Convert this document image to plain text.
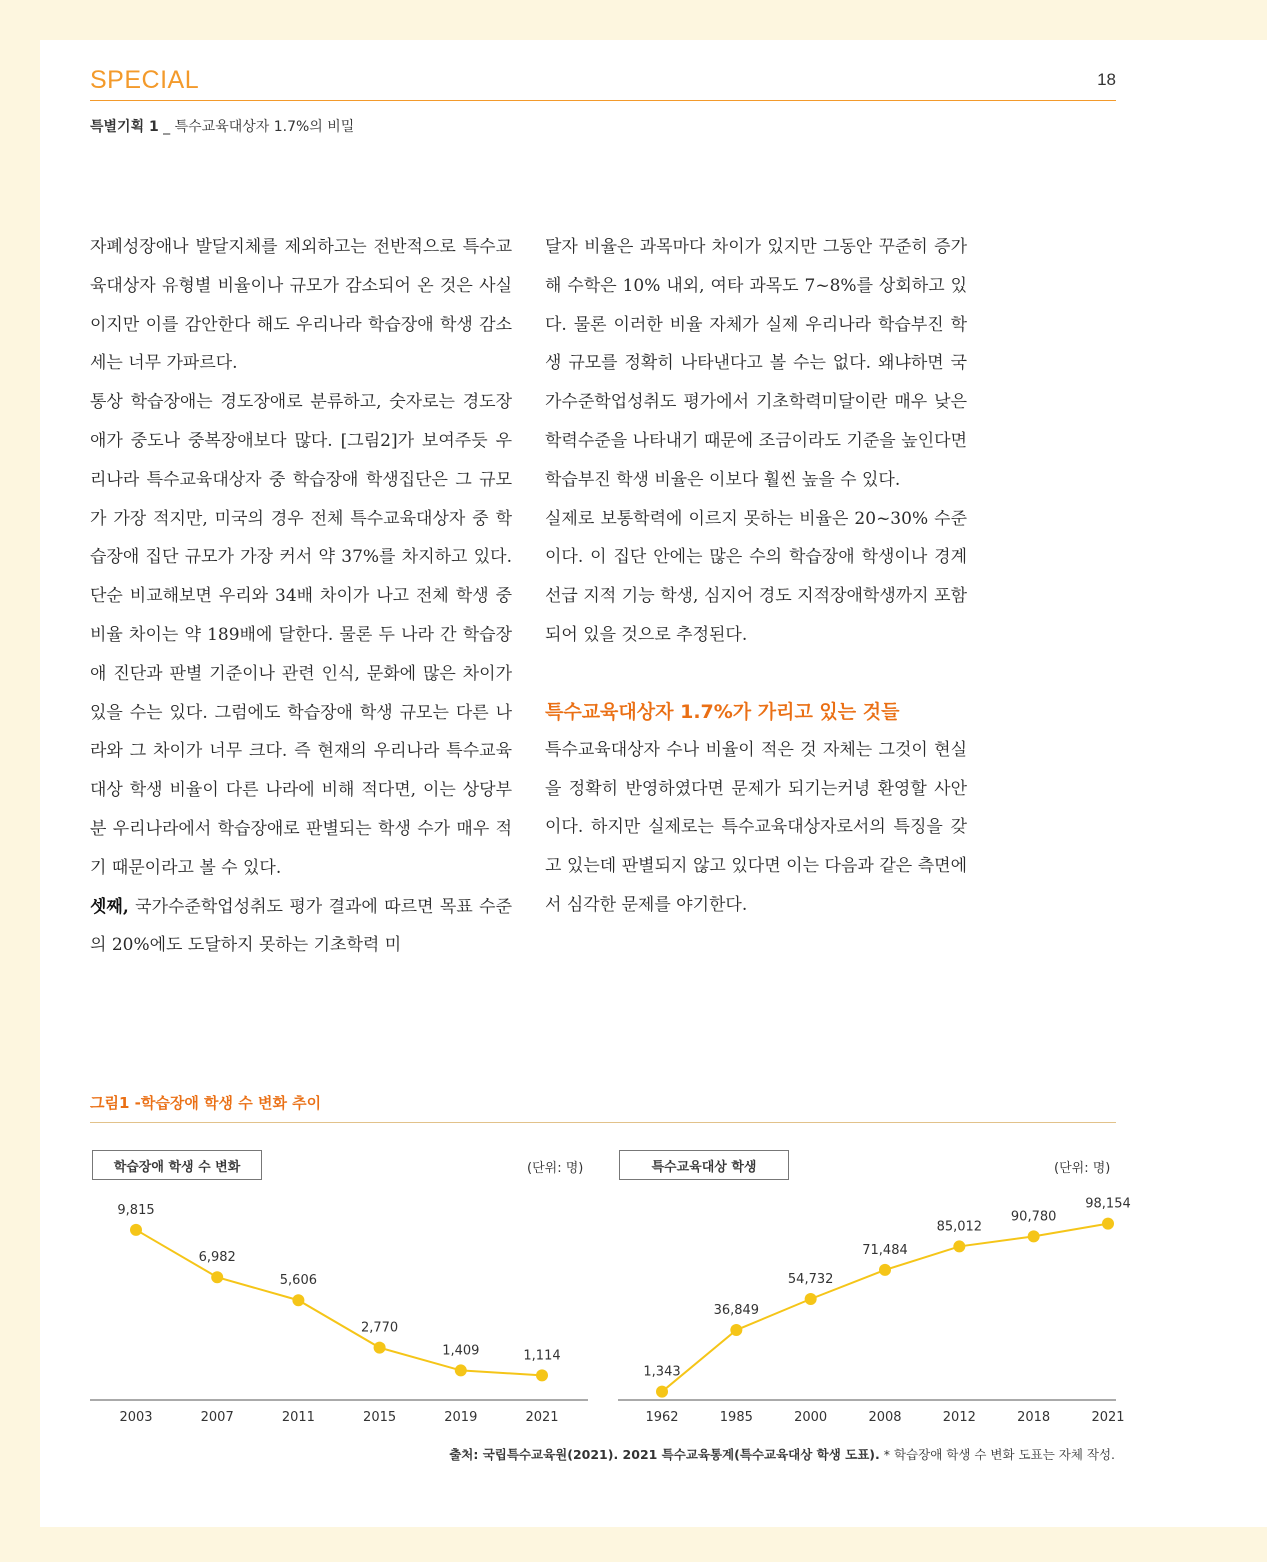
SPECIAL	18
특별기획 1 _ 특수교육대상자 1.7%의 비밀

자폐성장애나 발달지체를 제외하고는 전반적으로 특수교육대상자 유형별 비율이나 규모가 감소되어 온 것은 사실이지만 이를 감안한다 해도 우리나라 학습장애 학생 감소세는 너무 가파르다.

통상 학습장애는 경도장애로 분류하고, 숫자로는 경도장애가 중도나 중복장애보다 많다. [그림2]가 보여주듯 우리나라 특수교육대상자 중 학습장애 학생집단은 그 규모가 가장 적지만, 미국의 경우 전체 특수교육대상자 중 학습장애 집단 규모가 가장 커서 약 37%를 차지하고 있다. 단순 비교해보면 우리와 34배 차이가 나고 전체 학생 중 비율 차이는 약 189배에 달한다. 물론 두 나라 간 학습장애 진단과 판별 기준이나 관련 인식, 문화에 많은 차이가 있을 수는 있다. 그럼에도 학습장애 학생 규모는 다른 나라와 그 차이가 너무 크다. 즉 현재의 우리나라 특수교육대상 학생 비율이 다른 나라에 비해 적다면, 이는 상당부분 우리나라에서 학습장애로 판별되는 학생 수가 매우 적기 때문이라고 볼 수 있다.

셋째, 국가수준학업성취도 평가 결과에 따르면 목표 수준의 20%에도 도달하지 못하는 기초학력 미

달자 비율은 과목마다 차이가 있지만 그동안 꾸준히 증가해 수학은 10% 내외, 여타 과목도 7~8%를 상회하고 있다. 물론 이러한 비율 자체가 실제 우리나라 학습부진 학생 규모를 정확히 나타낸다고 볼 수는 없다. 왜냐하면 국가수준학업성취도 평가에서 기초학력미달이란 매우 낮은 학력수준을 나타내기 때문에 조금이라도 기준을 높인다면 학습부진 학생 비율은 이보다 훨씬 높을 수 있다.

실제로 보통학력에 이르지 못하는 비율은 20~30% 수준이다. 이 집단 안에는 많은 수의 학습장애 학생이나 경계선급 지적 기능 학생, 심지어 경도 지적장애학생까지 포함되어 있을 것으로 추정된다.

특수교육대상자 1.7%가 가리고 있는 것들

특수교육대상자 수나 비율이 적은 것 자체는 그것이 현실을 정확히 반영하였다면 문제가 되기는커녕 환영할 사안이다. 하지만 실제로는 특수교육대상자로서의 특징을 갖고 있는데 판별되지 않고 있다면 이는 다음과 같은 측면에서 심각한 문제를 야기한다.

그림1 -학습장애 학생 수 변화 추이
학습장애 학생 수 변화	(단위: 명)
9,815
2003
6,982
2007
5,606
2011
2,770
2015
1,409
2019
1,114
2021
특수교육대상 학생	(단위: 명)
1,343
1962
36,849
1985
54,732
2000
71,484
2008
85,012
2012
90,780
2018
98,154
2021
출처: 국립특수교육원(2021). 2021 특수교육통계(특수교육대상 학생 도표). * 학습장애 학생 수 변화 도표는 자체 작성.
